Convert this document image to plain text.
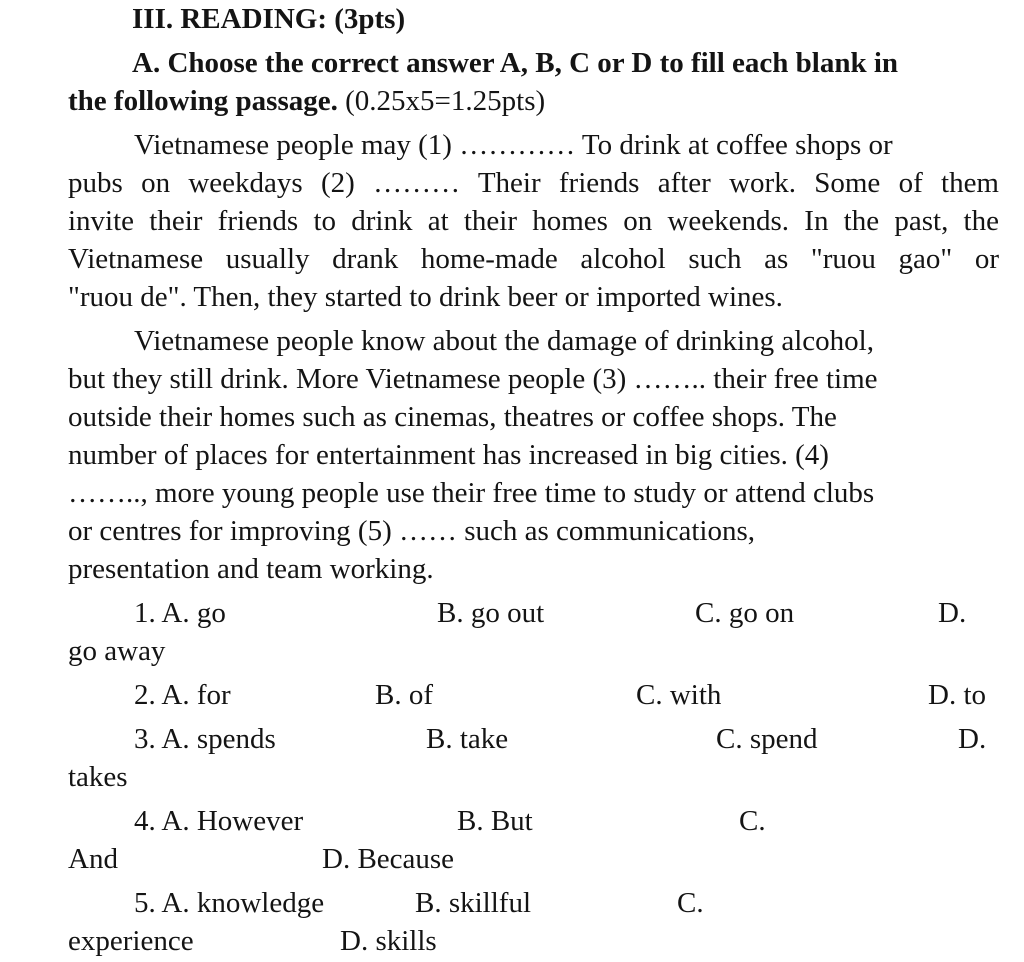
III. READING: (3pts)
A. Choose the correct answer A, B, C or D to fill each blank in
the following passage. (0.25x5=1.25pts)
Vietnamese people may (1) ………… To drink at coffee shops or
pubs on weekdays (2) ……… Their friends after work. Some of them
invite their friends to drink at their homes on weekends. In the past, the
Vietnamese usually drank home-made alcohol such as "ruou gao" or
"ruou de". Then, they started to drink beer or imported wines.
Vietnamese people know about the damage of drinking alcohol,
but they still drink. More Vietnamese people (3) …….. their free time
outside their homes such as cinemas, theatres or coffee shops. The
number of places for entertainment has increased in big cities. (4)
…….., more young people use their free time to study or attend clubs
or centres for improving (5) …… such as communications,
presentation and team working.
1. A. go	B. go out	C. go on	D.
go away
2. A. for	B. of	C. with	D. to
3. A. spends	B. take	C. spend	D.
takes
4. A. However	B. But	C.
And	D. Because
5. A. knowledge	B. skillful	C.
experience	D. skills
